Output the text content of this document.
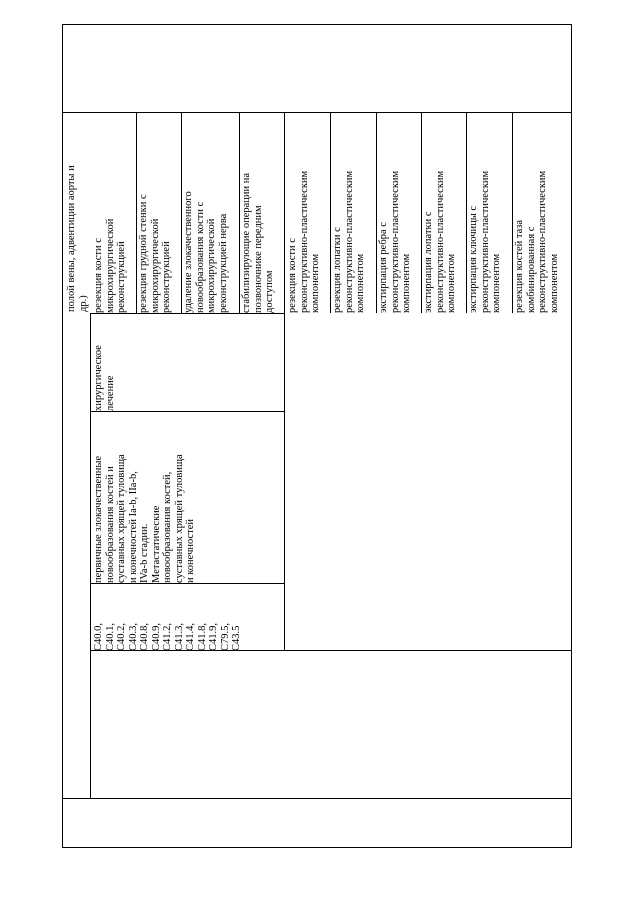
полой вены, адвентиции аорты и др.)
C40.0, C40.1, C40.2, C40.3, C40.8, C40.9, C41.2, C41.3, C41.4, C41.8, C41.9, C79.5, C43.5
первичные злокачественные новообразования костей и суставных хрящей туловища и конечностей Ia-b, IIa-b, IVa-b стадии. Метастатические новообразования костей, суставных хрящей туловища и конечностей
хирургическое лечение
резекция кости с микрохирургической реконструкцией резекция грудной стенки с микрохирургической реконструкцией удаление злокачественного новообразования кости с микрохирургической реконструкцией нерва стабилизирующие операции на позвоночнике передним доступом резекция кости с реконструктивно-пластическим компонентом резекция лопатки с реконструктивно-пластическим компонентом экстирпация ребра с реконструктивно-пластическим компонентом экстирпация лопатки с реконструктивно-пластическим компонентом экстирпация ключицы с реконструктивно-пластическим компонентом резекция костей таза комбинированная с реконструктивно-пластическим компонентом
